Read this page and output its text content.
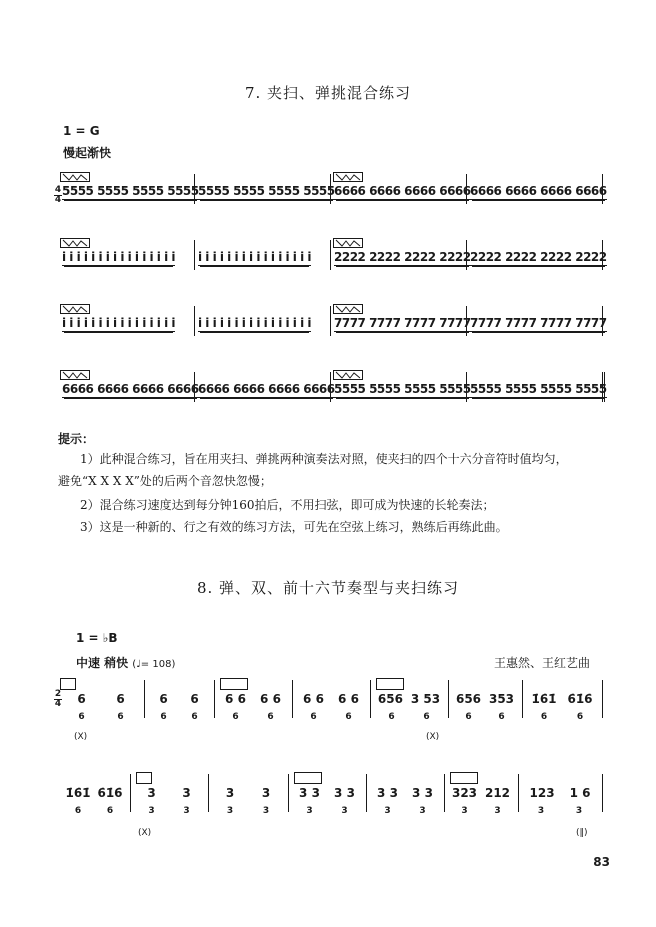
7. 夹扫、弹挑混合练习
1 = G
慢起渐快
4
4
5555 5555 5555 5555 5555 5555 5555 5555 6666 6666 6666 6666 6666 6666 6666 6666
i i i i i i i i i i i i i i i i i i i i i i i i i i i i i i i i 2222 2222 2222 2222 2222 2222 2222 2222
i i i i i i i i i i i i i i i i i i i i i i i i i i i i i i i i 7777 7777 7777 7777 7777 7777 7777 7777
6666 6666 6666 6666 6666 6666 6666 6666 5555 5555 5555 5555 5555 5555 5555 5555
提示：
1）此种混合练习，旨在用夹扫、弹挑两种演奏法对照，使夹扫的四个十六分音符时值均匀，
避免“X X X X”处的后两个音忽快忽慢；
2）混合练习速度达到每分钟160拍后，不用扫弦，即可成为快速的长轮奏法；
3）这是一种新的、行之有效的练习方法，可先在空弦上练习，熟练后再练此曲。
8. 弹、双、前十六节奏型与夹扫练习
1 = ♭B
中速 稍快 (♩= 108)	王惠然、王红艺曲
2
4 6	6
6	6
6 6
6	6
6 6 6 6
6	6
6 6 6 6
6	6
656 3 53
6	6
656 353
6	6
1̇6̇1̇ 6̇1̇6̇
6	6
(X)	(X)
1̇6̇1̇ 6̇1̇6̇
6	6
3 3
3	3
3 3
3	3
3 3 3 3
3	3
3 3 3 3
3	3
323 212
3	3
123 1 6
3	3
(X)	(‖)
83
